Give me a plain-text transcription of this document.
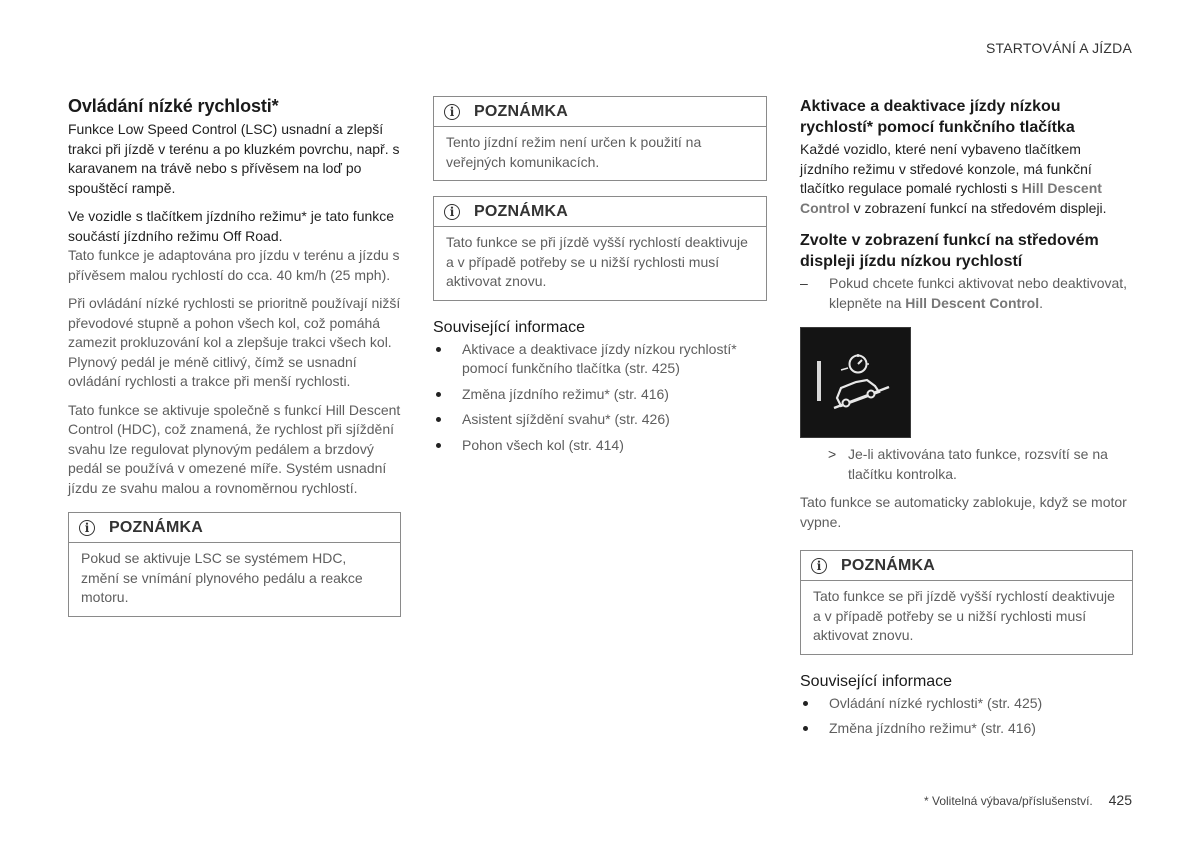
STARTOVÁNÍ A JÍZDA
Ovládání nízké rychlosti*

Funkce Low Speed Control (LSC) usnadní a zlepší trakci při jízdě v terénu a po kluzkém povrchu, např. s karavanem na trávě nebo s přívěsem na loď po spouštěcí rampě.

Ve vozidle s tlačítkem jízdního režimu* je tato funkce součástí jízdního režimu Off Road.

Tato funkce je adaptována pro jízdu v terénu a jízdu s přívěsem malou rychlostí do cca. 40 km/h (25 mph).

Při ovládání nízké rychlosti se prioritně používají nižší převodové stupně a pohon všech kol, což pomáhá zamezit prokluzování kol a zlepšuje trakci všech kol. Plynový pedál je méně citlivý, čímž se usnadní ovládání rychlosti a trakce při menší rychlosti.

Tato funkce se aktivuje společně s funkcí Hill Descent Control (HDC), což znamená, že rychlost při sjíždění svahu lze regulovat plynovým pedálem a brzdový pedál se používá v omezené míře. Systém usnadní jízdu ze svahu malou a rovnoměrnou rychlostí.

i	POZNÁMKA
Pokud se aktivuje LSC se systémem HDC, změní se vnímání plynového pedálu a reakce motoru.
i	POZNÁMKA
Tento jízdní režim není určen k použití na veřejných komunikacích.
i	POZNÁMKA
Tato funkce se při jízdě vyšší rychlostí deaktivuje a v případě potřeby se u nižší rychlosti musí aktivovat znovu.
Související informace
Aktivace a deaktivace jízdy nízkou rychlostí* pomocí funkčního tlačítka (str. 425)
Změna jízdního režimu* (str. 416)
Asistent sjíždění svahu* (str. 426)
Pohon všech kol (str. 414)
Aktivace a deaktivace jízdy nízkou rychlostí* pomocí funkčního tlačítka

Každé vozidlo, které není vybaveno tlačítkem jízdního režimu v středové konzole, má funkční tlačítko regulace pomalé rychlosti s Hill Descent Control v zobrazení funkcí na středovém displeji.

Zvolte v zobrazení funkcí na středovém displeji jízdu nízkou rychlostí
– Pokud chcete funkci aktivovat nebo deaktivovat, klepněte na Hill Descent Control.
> Je-li aktivována tato funkce, rozsvítí se na tlačítku kontrolka.

Tato funkce se automaticky zablokuje, když se motor vypne.

i	POZNÁMKA
Tato funkce se při jízdě vyšší rychlostí deaktivuje a v případě potřeby se u nižší rychlosti musí aktivovat znovu.
Související informace
Ovládání nízké rychlosti* (str. 425)
Změna jízdního režimu* (str. 416)
* Volitelná výbava/příslušenství. 425
